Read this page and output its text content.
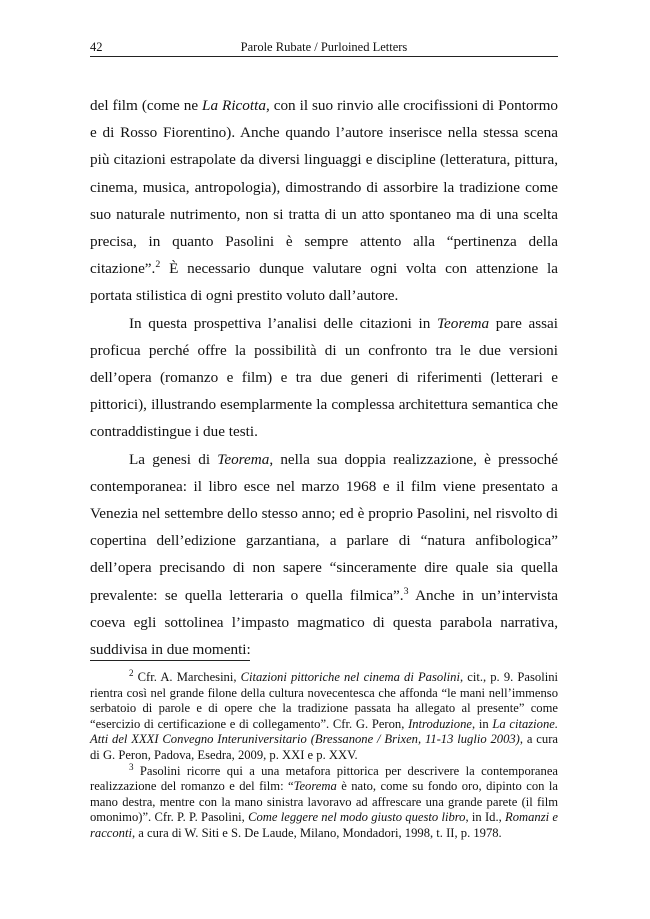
42	Parole Rubate / Purloined Letters

del film (come ne La Ricotta, con il suo rinvio alle crocifissioni di Pontormo e di Rosso Fiorentino). Anche quando l’autore inserisce nella stessa scena più citazioni estrapolate da diversi linguaggi e discipline (letteratura, pittura, cinema, musica, antropologia), dimostrando di assorbire la tradizione come suo naturale nutrimento, non si tratta di un atto spontaneo ma di una scelta precisa, in quanto Pasolini è sempre attento alla “pertinenza della citazione”.$^2$ È necessario dunque valutare ogni volta con attenzione la portata stilistica di ogni prestito voluto dall’autore.

In questa prospettiva l’analisi delle citazioni in Teorema pare assai proficua perché offre la possibilità di un confronto tra le due versioni dell’opera (romanzo e film) e tra due generi di riferimenti (letterari e pittorici), illustrando esemplarmente la complessa architettura semantica che contraddistingue i due testi.

La genesi di Teorema, nella sua doppia realizzazione, è pressoché contemporanea: il libro esce nel marzo 1968 e il film viene presentato a Venezia nel settembre dello stesso anno; ed è proprio Pasolini, nel risvolto di copertina dell’edizione garzantiana, a parlare di “natura anfibologica” dell’opera precisando di non sapere “sinceramente dire quale sia quella prevalente: se quella letteraria o quella filmica”.$^3$ Anche in un’intervista coeva egli sottolinea l’impasto magmatico di questa parabola narrativa, suddivisa in due momenti:

$^2$ Cfr. A. Marchesini, Citazioni pittoriche nel cinema di Pasolini, cit., p. 9. Pasolini rientra così nel grande filone della cultura novecentesca che affonda “le mani nell’immenso serbatoio di parole e di opere che la tradizione passata ha allegato al presente” come “esercizio di certificazione e di collegamento”. Cfr. G. Peron, Introduzione, in La citazione. Atti del XXXI Convegno Interuniversitario (Bressanone / Brixen, 11-13 luglio 2003), a cura di G. Peron, Padova, Esedra, 2009, p. XXI e p. XXV.

$^3$ Pasolini ricorre qui a una metafora pittorica per descrivere la contemporanea realizzazione del romanzo e del film: “Teorema è nato, come su fondo oro, dipinto con la mano destra, mentre con la mano sinistra lavoravo ad affrescare una grande parete (il film omonimo)”. Cfr. P. P. Pasolini, Come leggere nel modo giusto questo libro, in Id., Romanzi e racconti, a cura di W. Siti e S. De Laude, Milano, Mondadori, 1998, t. II, p. 1978.
